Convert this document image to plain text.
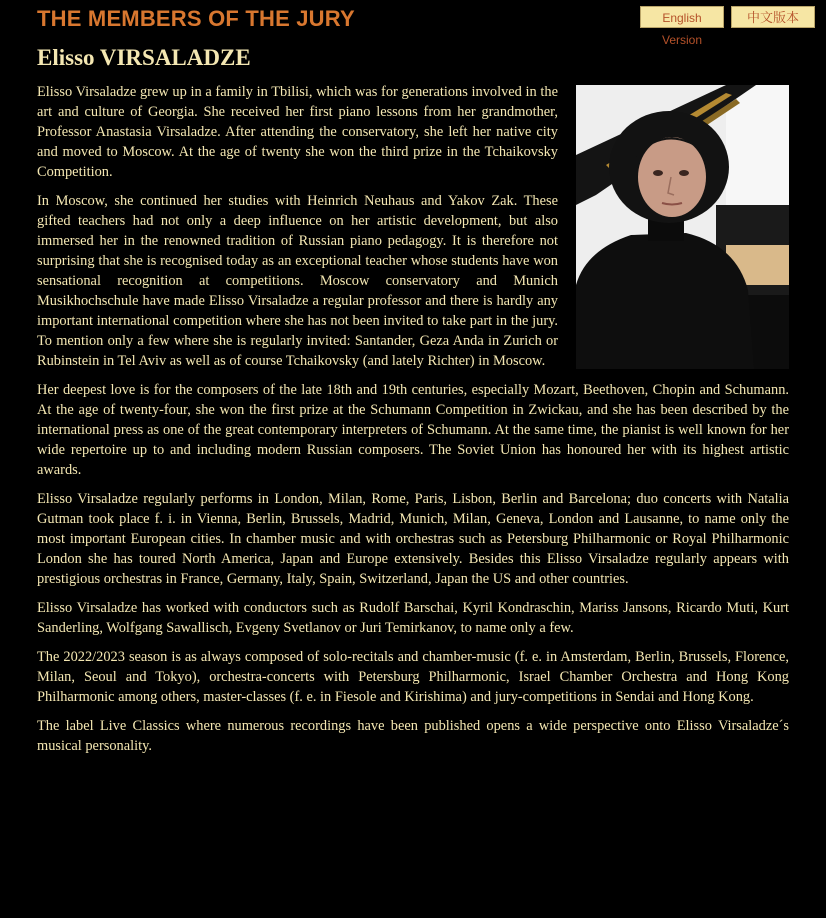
THE MEMBERS OF THE JURY	English Version
中文版本
Elisso VIRSALADZE

Elisso Virsaladze grew up in a family in Tbilisi, which was for generations involved in the art and culture of Georgia. She received her first piano lessons from her grandmother, Professor Anastasia Virsaladze. After attending the conservatory, she left her native city and moved to Moscow. At the age of twenty she won the third prize in the Tchaikovsky Competition.

In Moscow, she continued her studies with Heinrich Neuhaus and Yakov Zak. These gifted teachers had not only a deep influence on her artistic development, but also immersed her in the renowned tradition of Russian piano pedagogy. It is therefore not surprising that she is recognised today as an exceptional teacher whose students have won sensational recognition at competitions. Moscow conservatory and Munich Musikhochschule have made Elisso Virsaladze a regular professor and there is hardly any important international competition where she has not been invited to take part in the jury. To mention only a few where she is regularly invited: Santander, Geza Anda in Zurich or Rubinstein in Tel Aviv as well as of course Tchaikovsky (and lately Richter) in Moscow.

Her deepest love is for the composers of the late 18th and 19th centuries, especially Mozart, Beethoven, Chopin and Schumann. At the age of twenty-four, she won the first prize at the Schumann Competition in Zwickau, and she has been described by the international press as one of the great contemporary interpreters of Schumann. At the same time, the pianist is well known for her wide repertoire up to and including modern Russian composers. The Soviet Union has honoured her with its highest artistic awards.

Elisso Virsaladze regularly performs in London, Milan, Rome, Paris, Lisbon, Berlin and Barcelona; duo concerts with Natalia Gutman took place f. i. in Vienna, Berlin, Brussels, Madrid, Munich, Milan, Geneva, London and Lausanne, to name only the most important European cities. In chamber music and with orchestras such as Petersburg Philharmonic or Royal Philharmonic London she has toured North America, Japan and Europe extensively. Besides this Elisso Virsaladze regularly appears with prestigious orchestras in France, Germany, Italy, Spain, Switzerland, Japan the US and other countries.

Elisso Virsaladze has worked with conductors such as Rudolf Barschai, Kyril Kondraschin, Mariss Jansons, Ricardo Muti, Kurt Sanderling, Wolfgang Sawallisch, Evgeny Svetlanov or Juri Temirkanov, to name only a few.

The 2022/2023 season is as always composed of solo-recitals and chamber-music (f. e. in Amsterdam, Berlin, Brussels, Florence, Milan, Seoul and Tokyo), orchestra-concerts with Petersburg Philharmonic, Israel Chamber Orchestra and Hong Kong Philharmonic among others, master-classes (f. e. in Fiesole and Kirishima) and jury-competitions in Sendai and Hong Kong.

The label Live Classics where numerous recordings have been published opens a wide perspective onto Elisso Virsaladze´s musical personality.
